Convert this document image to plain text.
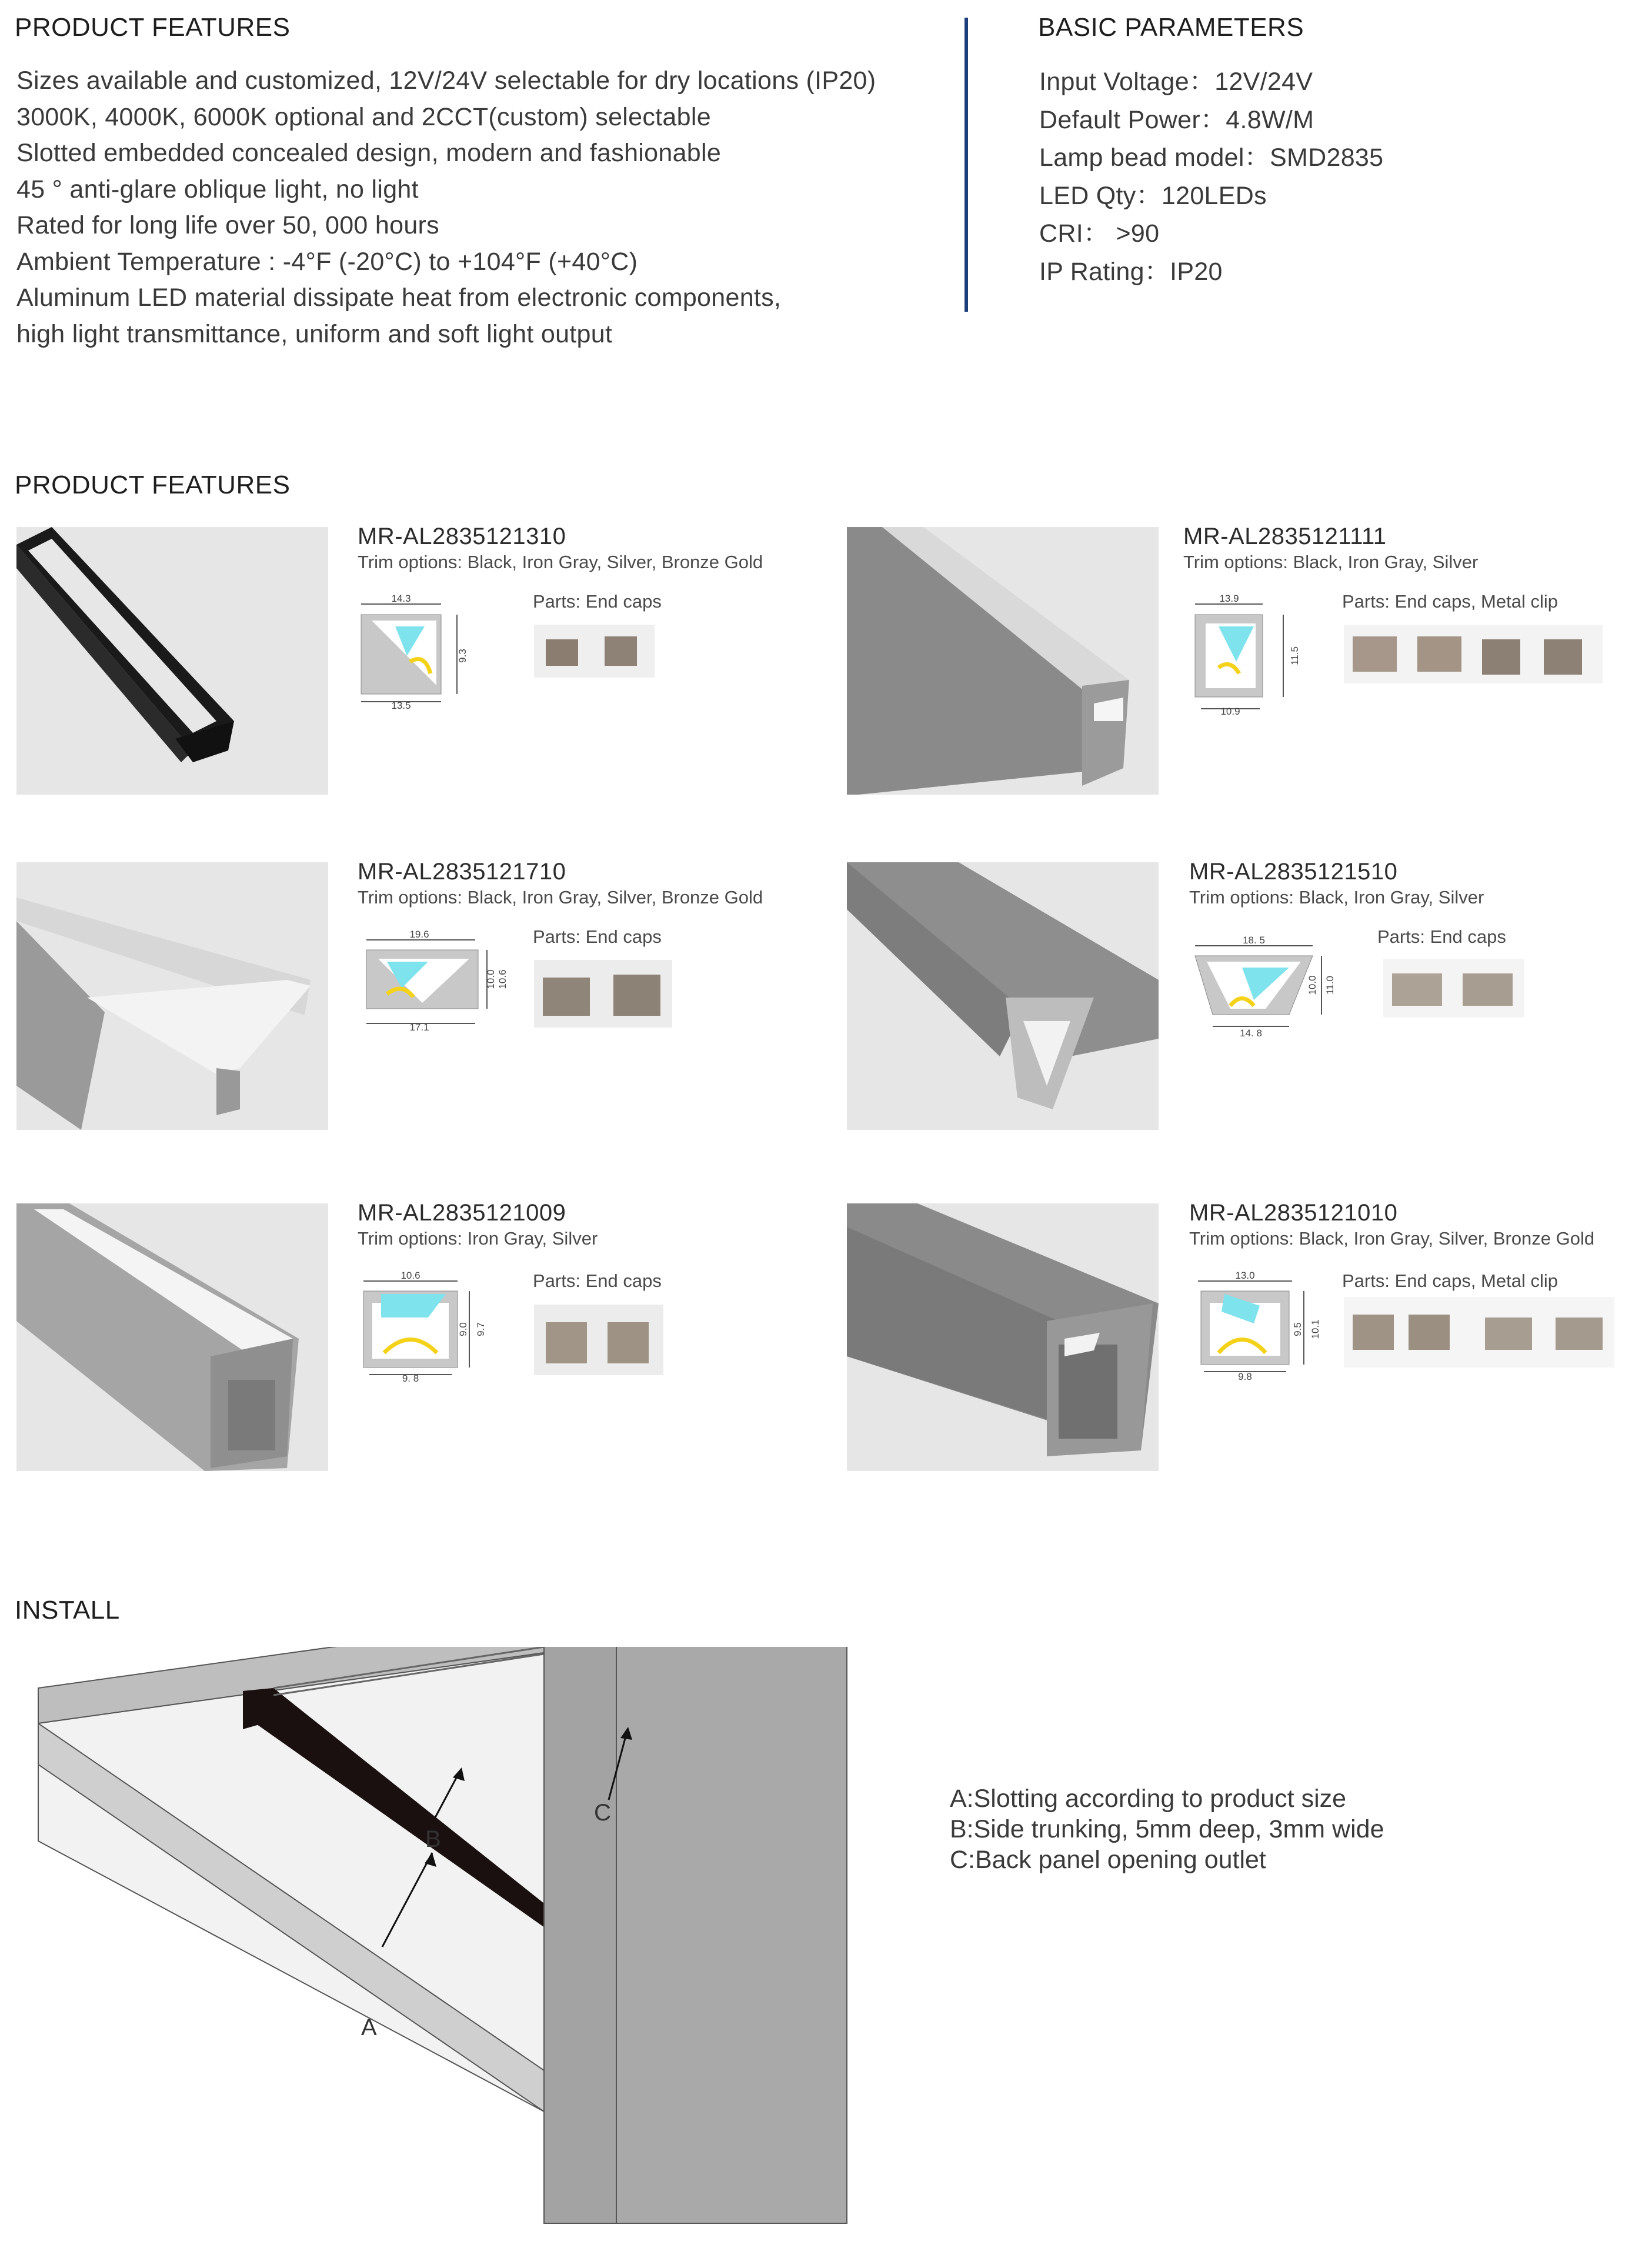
PRODUCT FEATURES
Sizes available and customized, 12V/24V selectable for dry locations (IP20)
3000K, 4000K, 6000K optional and 2CCT(custom) selectable
Slotted embedded concealed design, modern and fashionable
45 ° anti-glare oblique light, no light
Rated for long life over 50, 000 hours
Ambient Temperature : -4°F (-20°C) to +104°F (+40°C)
Aluminum LED material dissipate heat from electronic components,
high light transmittance, uniform and soft light output
BASIC PARAMETERS
Input Voltage：12V/24V
Default Power：4.8W/M
Lamp bead model：SMD2835
LED Qty：120LEDs
CRI： >90
IP Rating：IP20
PRODUCT FEATURES
MR-AL2835121310
Trim options: Black, Iron Gray, Silver, Bronze Gold
14.3
9.3
13.5
Parts: End caps
MR-AL2835121111
Trim options: Black, Iron Gray, Silver
13.9
11.5
10.9
Parts: End caps, Metal clip
MR-AL2835121710
Trim options: Black, Iron Gray, Silver, Bronze Gold
19.6
10.0 10.6
17.1
Parts: End caps
MR-AL2835121510
Trim options: Black, Iron Gray, Silver
18. 5
10.0 11.0
14. 8
Parts: End caps
MR-AL2835121009
Trim options: Iron Gray, Silver
10.6
9.0 9.7
9. 8
Parts: End caps
MR-AL2835121010
Trim options: Black, Iron Gray, Silver, Bronze Gold
13.0
9.5 10.1
9.8
Parts: End caps, Metal clip
INSTALL
A
B
C	A:Slotting according to product size
B:Side trunking, 5mm deep, 3mm wide
C:Back panel opening outlet
